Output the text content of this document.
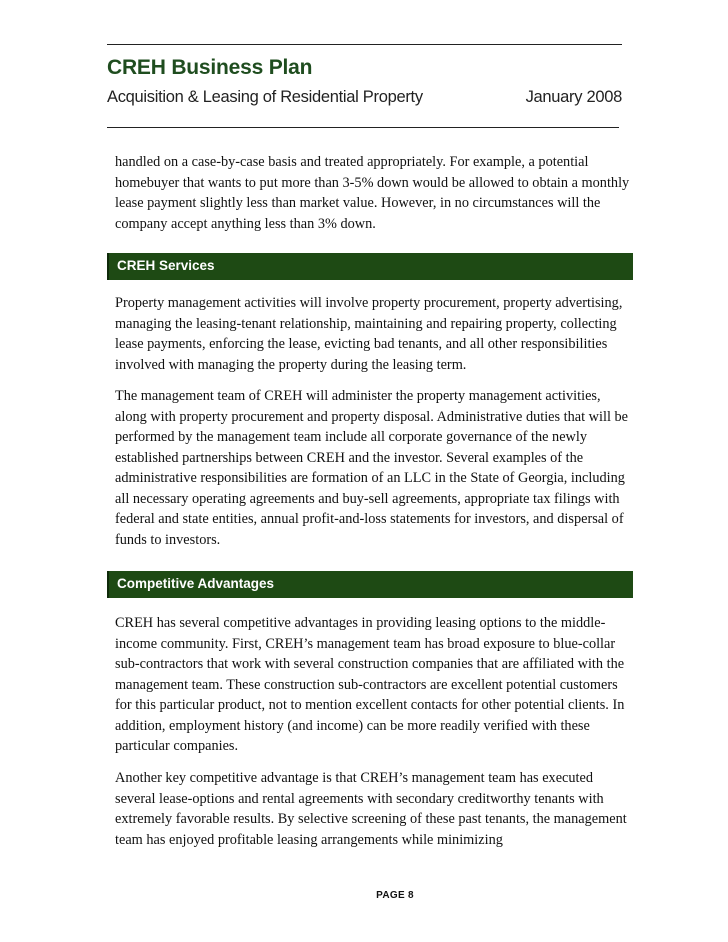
CREH Business Plan
Acquisition & Leasing of Residential Property	January 2008
handled on a case-by-case basis and treated appropriately. For example, a potential homebuyer that wants to put more than 3-5% down would be allowed to obtain a monthly lease payment slightly less than market value. However, in no circumstances will the company accept anything less than 3% down.
CREH Services
Property management activities will involve property procurement, property advertising, managing the leasing-tenant relationship, maintaining and repairing property, collecting lease payments, enforcing the lease, evicting bad tenants, and all other responsibilities involved with managing the property during the leasing term.
The management team of CREH will administer the property management activities, along with property procurement and property disposal. Administrative duties that will be performed by the management team include all corporate governance of the newly established partnerships between CREH and the investor. Several examples of the administrative responsibilities are formation of an LLC in the State of Georgia, including all necessary operating agreements and buy-sell agreements, appropriate tax filings with federal and state entities, annual profit-and-loss statements for investors, and dispersal of funds to investors.
Competitive Advantages
CREH has several competitive advantages in providing leasing options to the middle-income community. First, CREH’s management team has broad exposure to blue-collar sub-contractors that work with several construction companies that are affiliated with the management team. These construction sub-contractors are excellent potential customers for this particular product, not to mention excellent contacts for other potential clients. In addition, employment history (and income) can be more readily verified with these particular companies.
Another key competitive advantage is that CREH’s management team has executed several lease-options and rental agreements with secondary creditworthy tenants with extremely favorable results. By selective screening of these past tenants, the management team has enjoyed profitable leasing arrangements while minimizing
PAGE 8
